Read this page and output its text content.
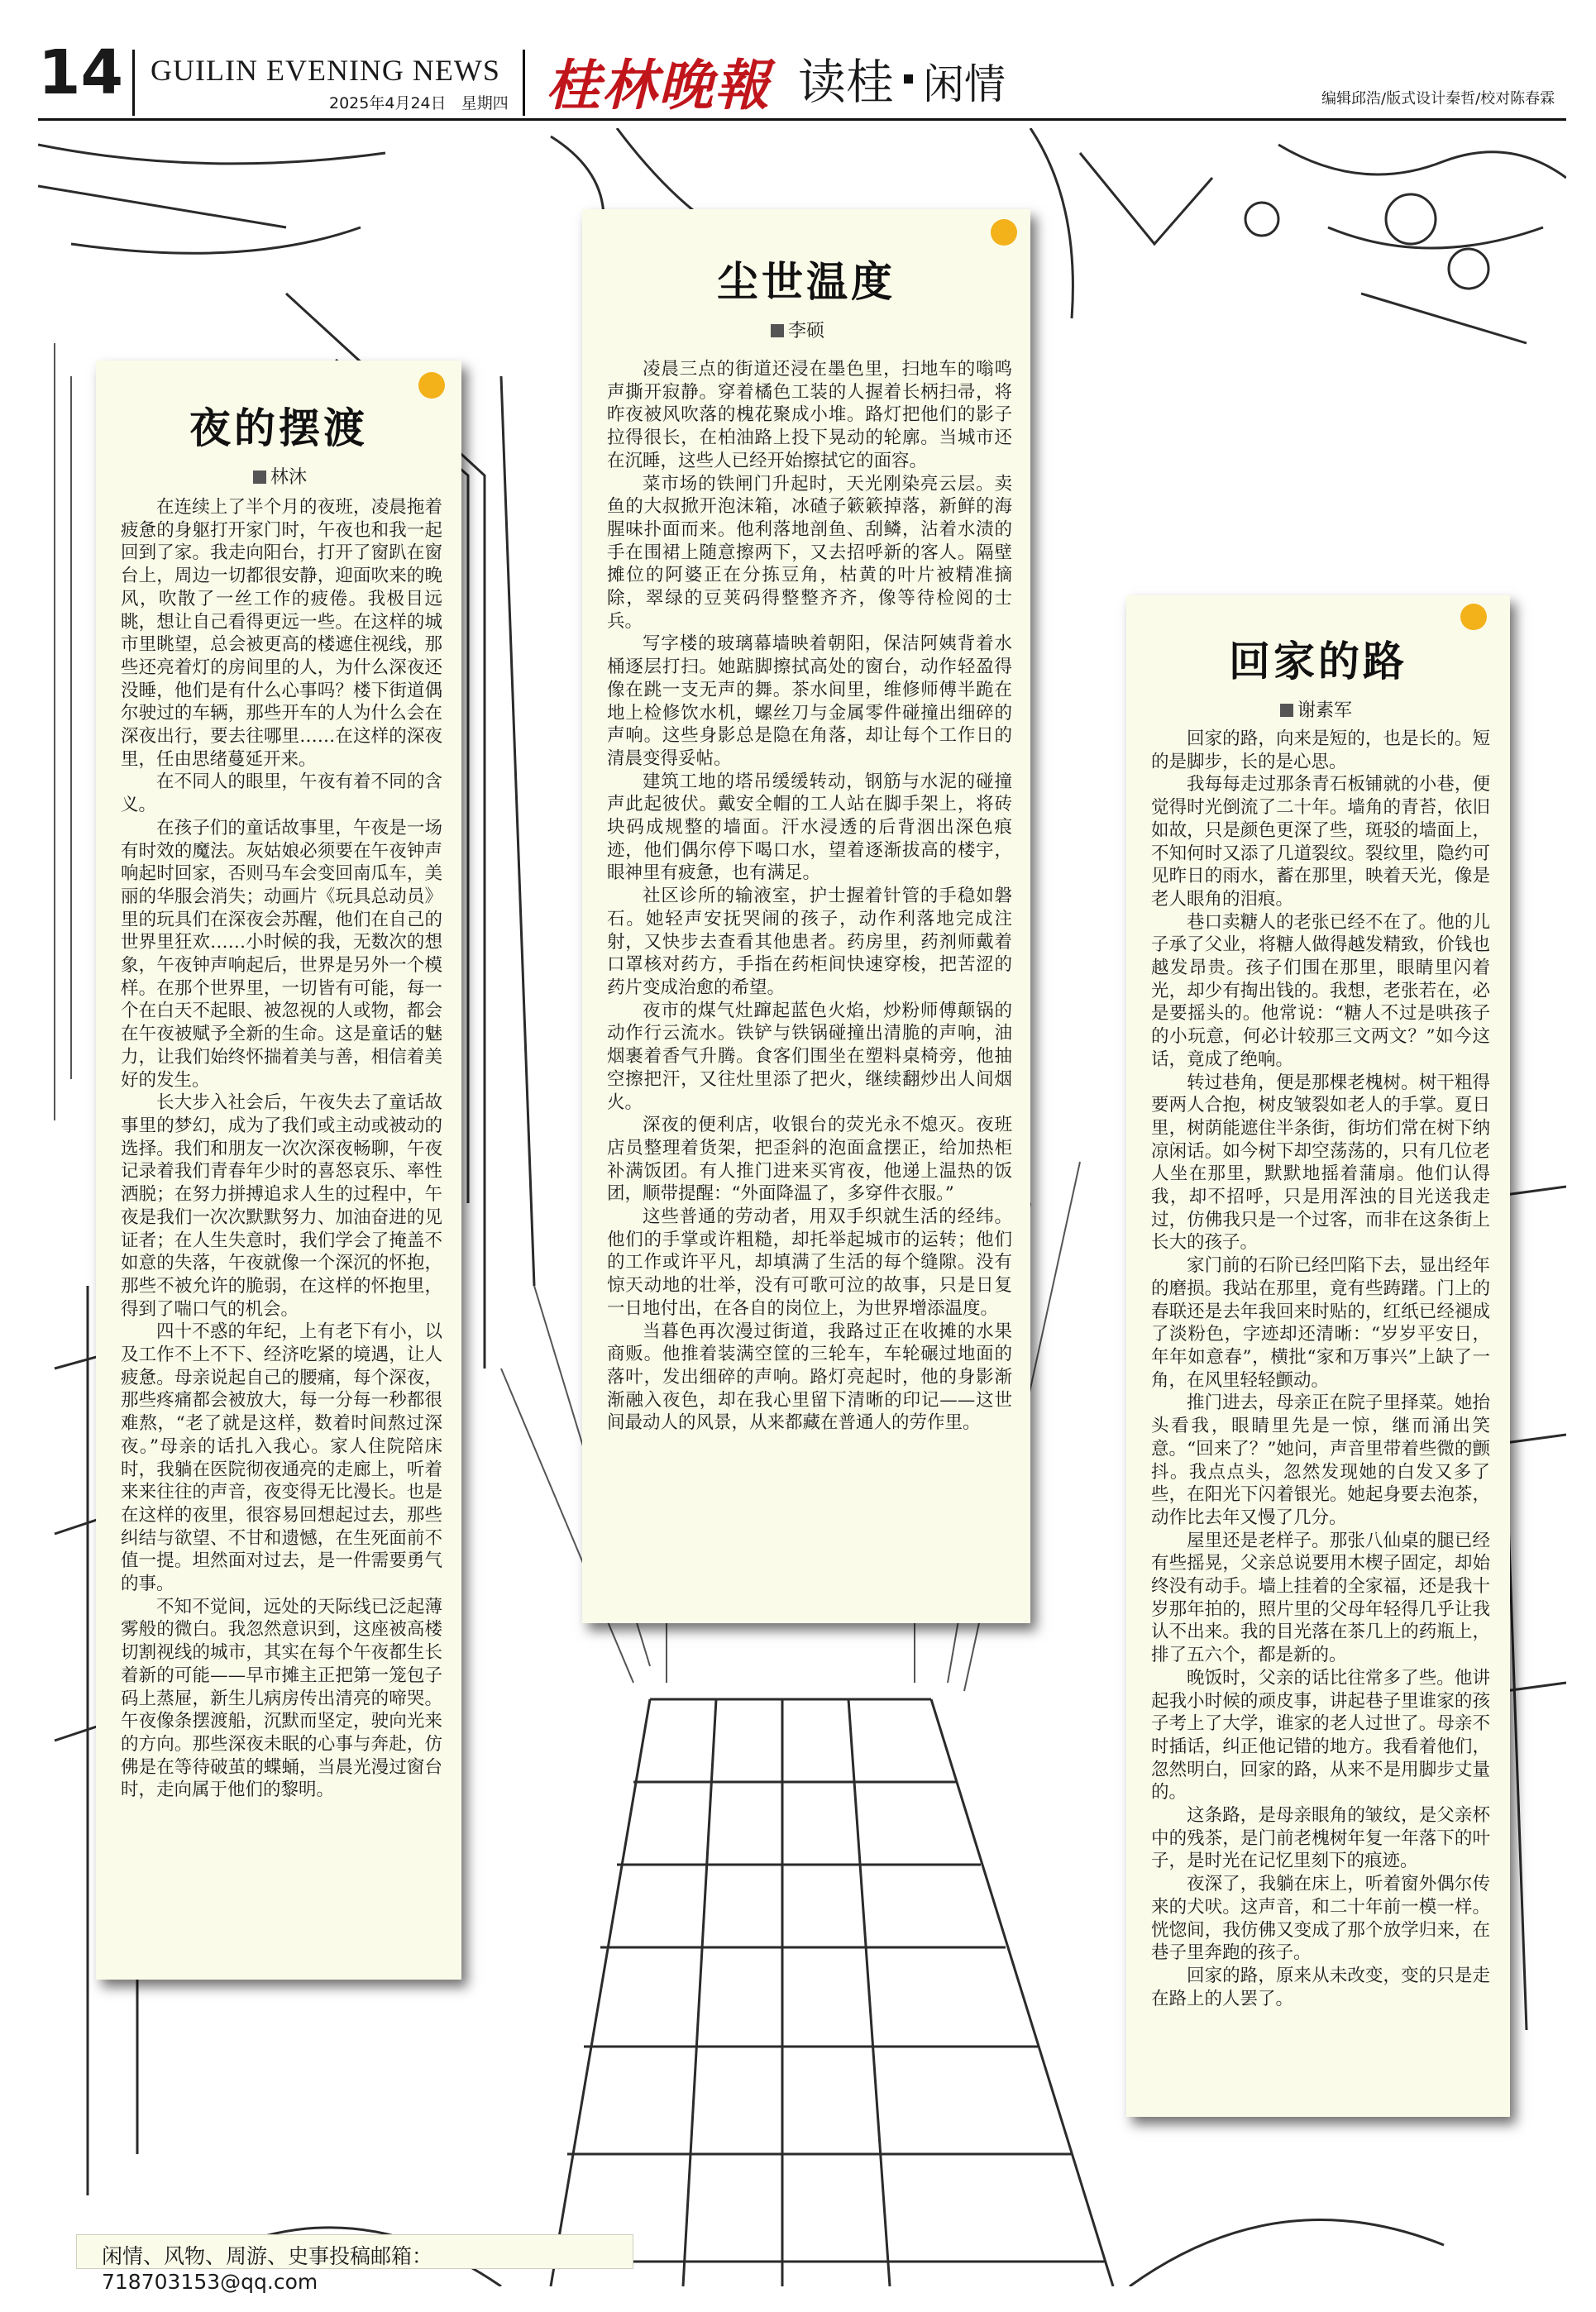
14 GUILIN EVENING NEWS
2025年4月24日 星期四 桂林晚報 读桂 闲情	编辑邱浩/版式设计秦哲/校对陈春霖
夜的摆渡
林沐

在连续上了半个月的夜班，凌晨拖着疲惫的身躯打开家门时，午夜也和我一起回到了家。我走向阳台，打开了窗趴在窗台上，周边一切都很安静，迎面吹来的晚风，吹散了一丝工作的疲倦。我极目远眺，想让自己看得更远一些。在这样的城市里眺望，总会被更高的楼遮住视线，那些还亮着灯的房间里的人，为什么深夜还没睡，他们是有什么心事吗？楼下街道偶尔驶过的车辆，那些开车的人为什么会在深夜出行，要去往哪里……在这样的深夜里，任由思绪蔓延开来。

在不同人的眼里，午夜有着不同的含义。

在孩子们的童话故事里，午夜是一场有时效的魔法。灰姑娘必须要在午夜钟声响起时回家，否则马车会变回南瓜车，美丽的华服会消失；动画片《玩具总动员》里的玩具们在深夜会苏醒，他们在自己的世界里狂欢……小时候的我，无数次的想象，午夜钟声响起后，世界是另外一个模样。在那个世界里，一切皆有可能，每一个在白天不起眼、被忽视的人或物，都会在午夜被赋予全新的生命。这是童话的魅力，让我们始终怀揣着美与善，相信着美好的发生。

长大步入社会后，午夜失去了童话故事里的梦幻，成为了我们或主动或被动的选择。我们和朋友一次次深夜畅聊，午夜记录着我们青春年少时的喜怒哀乐、率性洒脱；在努力拼搏追求人生的过程中，午夜是我们一次次默默努力、加油奋进的见证者；在人生失意时，我们学会了掩盖不如意的失落，午夜就像一个深沉的怀抱，那些不被允许的脆弱，在这样的怀抱里，得到了喘口气的机会。

四十不惑的年纪，上有老下有小，以及工作不上不下、经济吃紧的境遇，让人疲惫。母亲说起自己的腰痛，每个深夜，那些疼痛都会被放大，每一分每一秒都很难熬，“老了就是这样，数着时间熬过深夜。”母亲的话扎入我心。家人住院陪床时，我躺在医院彻夜通亮的走廊上，听着来来往往的声音，夜变得无比漫长。也是在这样的夜里，很容易回想起过去，那些纠结与欲望、不甘和遗憾，在生死面前不值一提。坦然面对过去，是一件需要勇气的事。

不知不觉间，远处的天际线已泛起薄雾般的微白。我忽然意识到，这座被高楼切割视线的城市，其实在每个午夜都生长着新的可能——早市摊主正把第一笼包子码上蒸屉，新生儿病房传出清亮的啼哭。午夜像条摆渡船，沉默而坚定，驶向光来的方向。那些深夜未眠的心事与奔赴，仿佛是在等待破茧的蝶蛹，当晨光漫过窗台时，走向属于他们的黎明。

尘世温度
李硕

凌晨三点的街道还浸在墨色里，扫地车的嗡鸣声撕开寂静。穿着橘色工装的人握着长柄扫帚，将昨夜被风吹落的槐花聚成小堆。路灯把他们的影子拉得很长，在柏油路上投下晃动的轮廓。当城市还在沉睡，这些人已经开始擦拭它的面容。

菜市场的铁闸门升起时，天光刚染亮云层。卖鱼的大叔掀开泡沫箱，冰碴子簌簌掉落，新鲜的海腥味扑面而来。他利落地剖鱼、刮鳞，沾着水渍的手在围裙上随意擦两下，又去招呼新的客人。隔壁摊位的阿婆正在分拣豆角，枯黄的叶片被精准摘除，翠绿的豆荚码得整整齐齐，像等待检阅的士兵。

写字楼的玻璃幕墙映着朝阳，保洁阿姨背着水桶逐层打扫。她踮脚擦拭高处的窗台，动作轻盈得像在跳一支无声的舞。茶水间里，维修师傅半跪在地上检修饮水机，螺丝刀与金属零件碰撞出细碎的声响。这些身影总是隐在角落，却让每个工作日的清晨变得妥帖。

建筑工地的塔吊缓缓转动，钢筋与水泥的碰撞声此起彼伏。戴安全帽的工人站在脚手架上，将砖块码成规整的墙面。汗水浸透的后背洇出深色痕迹，他们偶尔停下喝口水，望着逐渐拔高的楼宇，眼神里有疲惫，也有满足。

社区诊所的输液室，护士握着针管的手稳如磐石。她轻声安抚哭闹的孩子，动作利落地完成注射，又快步去查看其他患者。药房里，药剂师戴着口罩核对药方，手指在药柜间快速穿梭，把苦涩的药片变成治愈的希望。

夜市的煤气灶蹿起蓝色火焰，炒粉师傅颠锅的动作行云流水。铁铲与铁锅碰撞出清脆的声响，油烟裹着香气升腾。食客们围坐在塑料桌椅旁，他抽空擦把汗，又往灶里添了把火，继续翻炒出人间烟火。

深夜的便利店，收银台的荧光永不熄灭。夜班店员整理着货架，把歪斜的泡面盒摆正，给加热柜补满饭团。有人推门进来买宵夜，他递上温热的饭团，顺带提醒：“外面降温了，多穿件衣服。”

这些普通的劳动者，用双手织就生活的经纬。他们的手掌或许粗糙，却托举起城市的运转；他们的工作或许平凡，却填满了生活的每个缝隙。没有惊天动地的壮举，没有可歌可泣的故事，只是日复一日地付出，在各自的岗位上，为世界增添温度。

当暮色再次漫过街道，我路过正在收摊的水果商贩。他推着装满空筐的三轮车，车轮碾过地面的落叶，发出细碎的声响。路灯亮起时，他的身影渐渐融入夜色，却在我心里留下清晰的印记——这世间最动人的风景，从来都藏在普通人的劳作里。

回家的路
谢素军

回家的路，向来是短的，也是长的。短的是脚步，长的是心思。

我每每走过那条青石板铺就的小巷，便觉得时光倒流了二十年。墙角的青苔，依旧如故，只是颜色更深了些，斑驳的墙面上，不知何时又添了几道裂纹。裂纹里，隐约可见昨日的雨水，蓄在那里，映着天光，像是老人眼角的泪痕。

巷口卖糖人的老张已经不在了。他的儿子承了父业，将糖人做得越发精致，价钱也越发昂贵。孩子们围在那里，眼睛里闪着光，却少有掏出钱的。我想，老张若在，必是要摇头的。他常说：“糖人不过是哄孩子的小玩意，何必计较那三文两文？”如今这话，竟成了绝响。

转过巷角，便是那棵老槐树。树干粗得要两人合抱，树皮皱裂如老人的手掌。夏日里，树荫能遮住半条街，街坊们常在树下纳凉闲话。如今树下却空荡荡的，只有几位老人坐在那里，默默地摇着蒲扇。他们认得我，却不招呼，只是用浑浊的目光送我走过，仿佛我只是一个过客，而非在这条街上长大的孩子。

家门前的石阶已经凹陷下去，显出经年的磨损。我站在那里，竟有些踌躇。门上的春联还是去年我回来时贴的，红纸已经褪成了淡粉色，字迹却还清晰：“岁岁平安日，年年如意春”，横批“家和万事兴”上缺了一角，在风里轻轻颤动。

推门进去，母亲正在院子里择菜。她抬头看我，眼睛里先是一惊，继而涌出笑意。“回来了？”她问，声音里带着些微的颤抖。我点点头，忽然发现她的白发又多了些，在阳光下闪着银光。她起身要去泡茶，动作比去年又慢了几分。

屋里还是老样子。那张八仙桌的腿已经有些摇晃，父亲总说要用木楔子固定，却始终没有动手。墙上挂着的全家福，还是我十岁那年拍的，照片里的父母年轻得几乎让我认不出来。我的目光落在茶几上的药瓶上，排了五六个，都是新的。

晚饭时，父亲的话比往常多了些。他讲起我小时候的顽皮事，讲起巷子里谁家的孩子考上了大学，谁家的老人过世了。母亲不时插话，纠正他记错的地方。我看着他们，忽然明白，回家的路，从来不是用脚步丈量的。

这条路，是母亲眼角的皱纹，是父亲杯中的残茶，是门前老槐树年复一年落下的叶子，是时光在记忆里刻下的痕迹。

夜深了，我躺在床上，听着窗外偶尔传来的犬吠。这声音，和二十年前一模一样。恍惚间，我仿佛又变成了那个放学归来，在巷子里奔跑的孩子。

回家的路，原来从未改变，变的只是走在路上的人罢了。

闲情、风物、周游、史事投稿邮箱：718703153@qq.com
